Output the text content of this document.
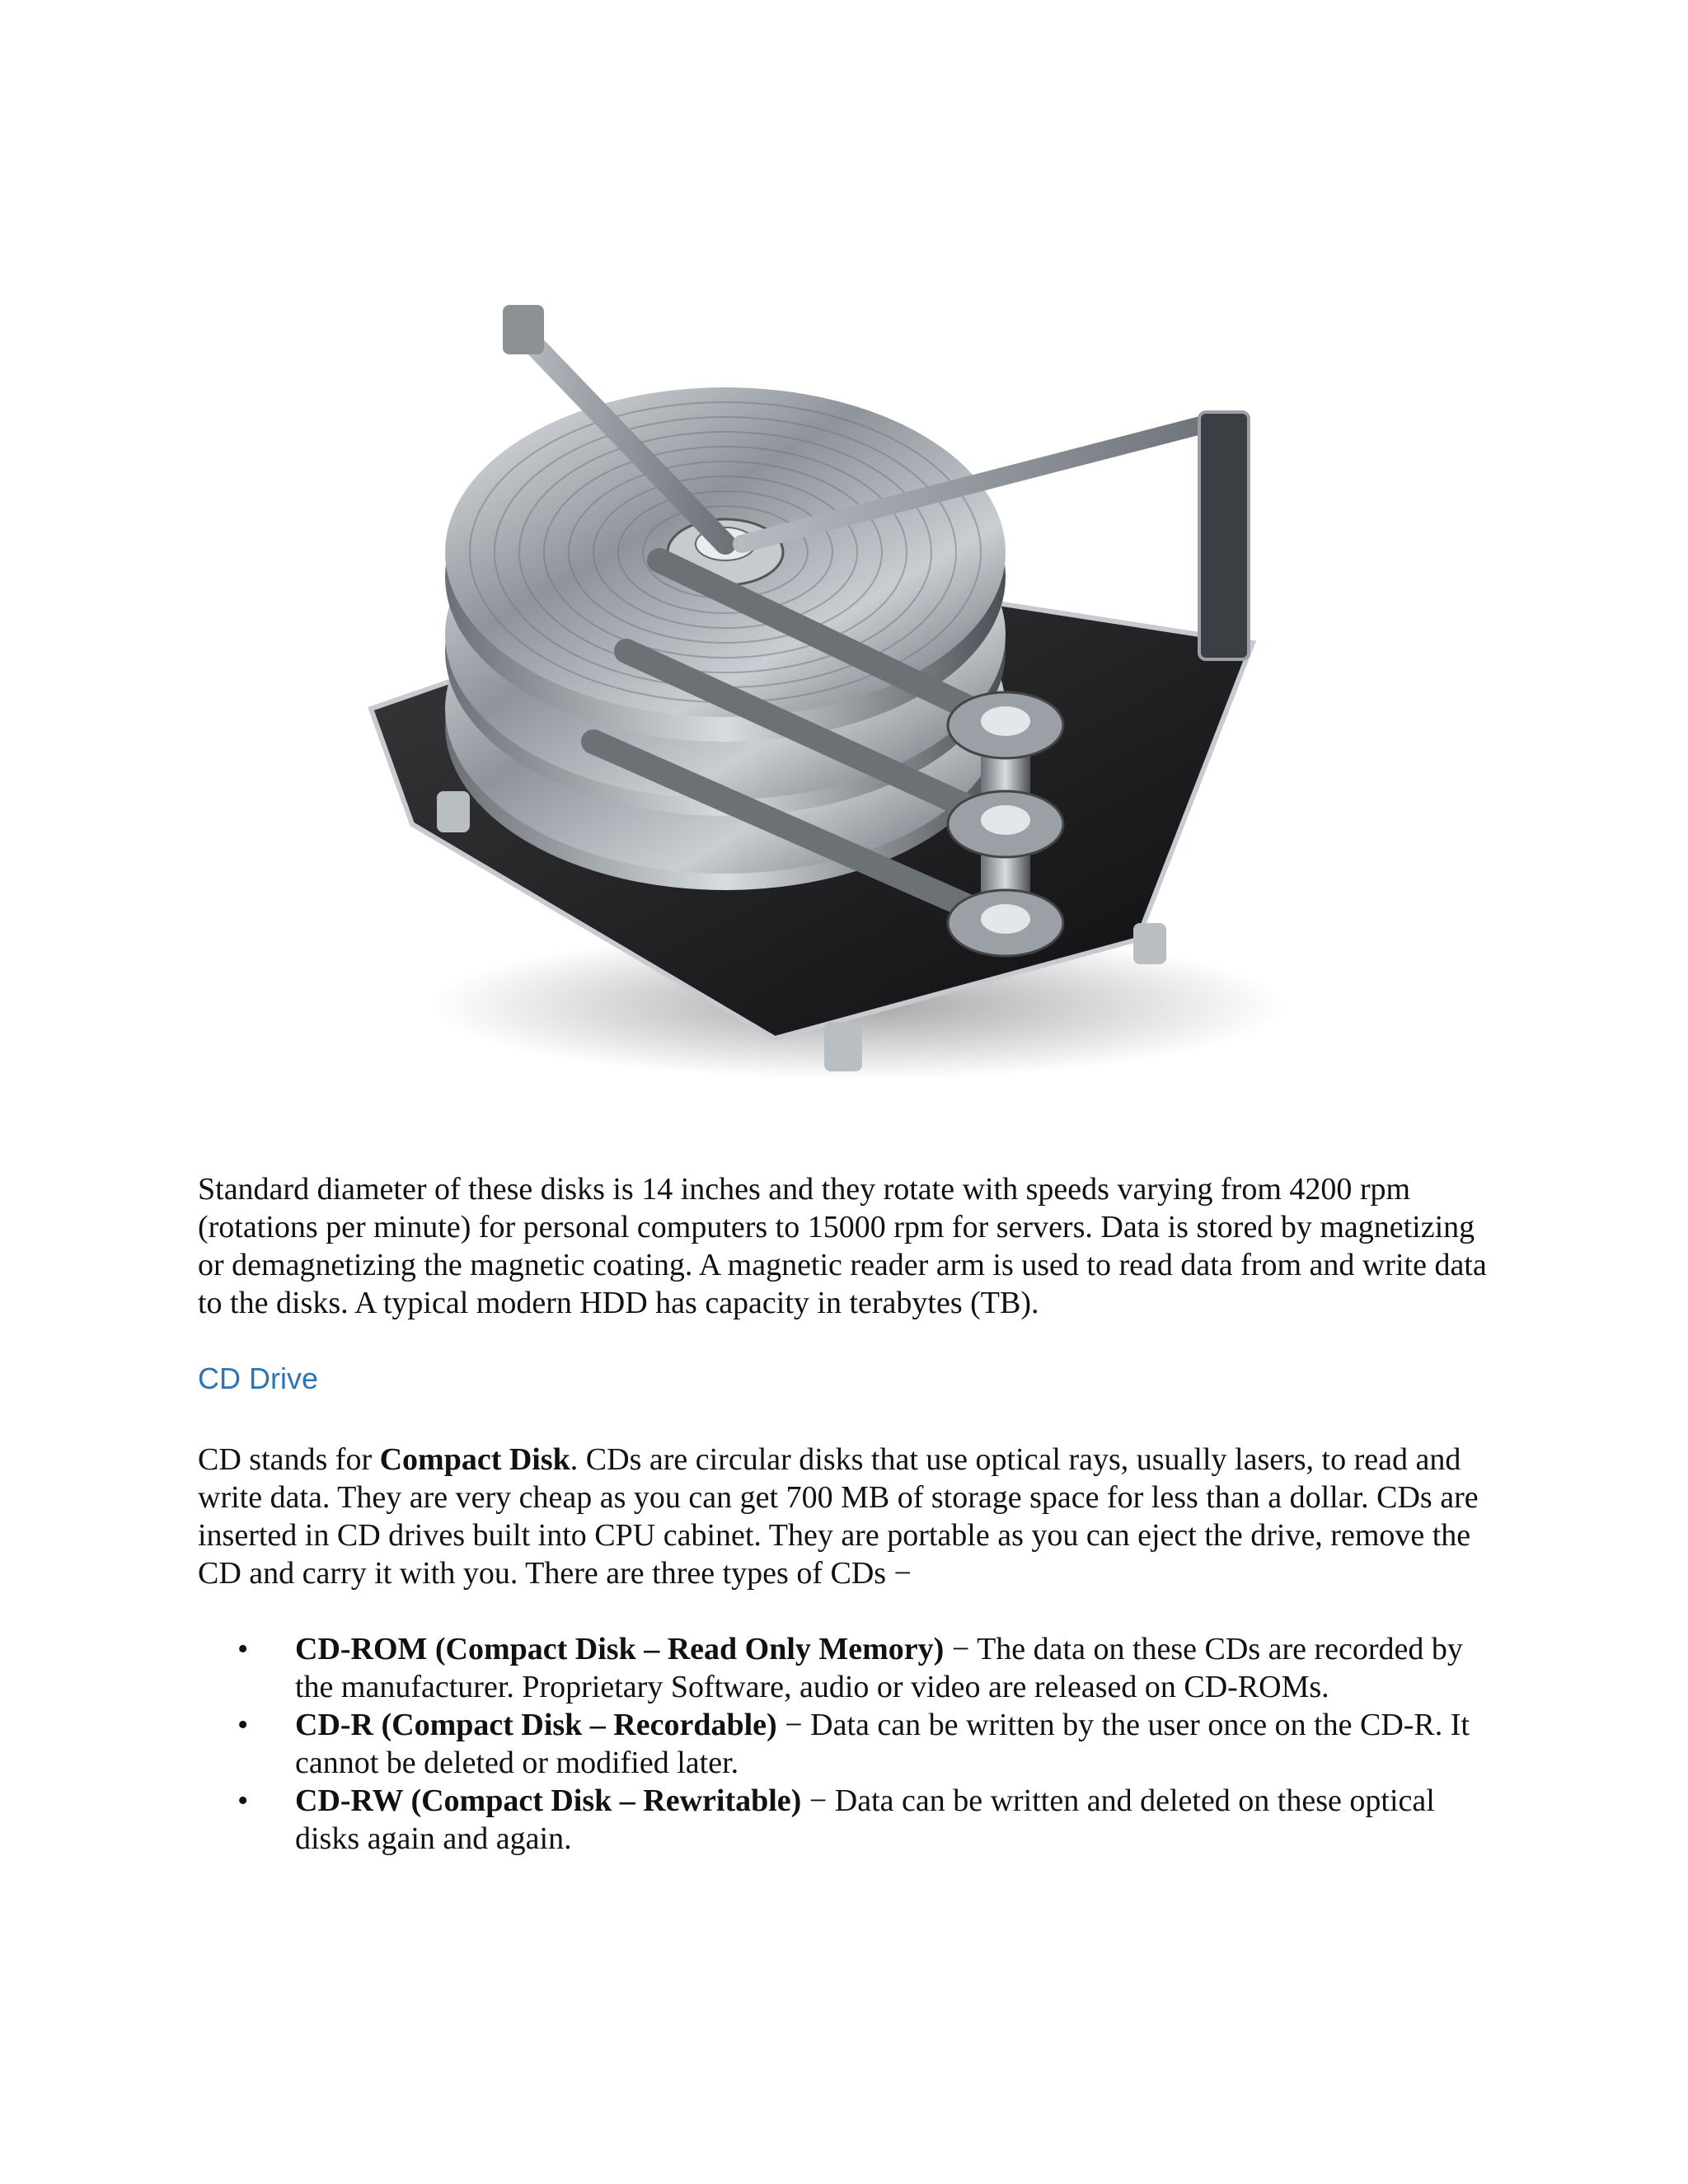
Standard diameter of these disks is 14 inches and they rotate with speeds varying from 4200 rpm (rotations per minute) for personal computers to 15000 rpm for servers. Data is stored by magnetizing or demagnetizing the magnetic coating. A magnetic reader arm is used to read data from and write data to the disks. A typical modern HDD has capacity in terabytes (TB).

CD Drive

CD stands for Compact Disk. CDs are circular disks that use optical rays, usually lasers, to read and write data. They are very cheap as you can get 700 MB of storage space for less than a dollar. CDs are inserted in CD drives built into CPU cabinet. They are portable as you can eject the drive, remove the CD and carry it with you. There are three types of CDs −

• CD-ROM (Compact Disk – Read Only Memory) − The data on these CDs are recorded by the manufacturer. Proprietary Software, audio or video are released on CD-ROMs.
• CD-R (Compact Disk – Recordable) − Data can be written by the user once on the CD-R. It cannot be deleted or modified later.
• CD-RW (Compact Disk – Rewritable) − Data can be written and deleted on these optical disks again and again.
